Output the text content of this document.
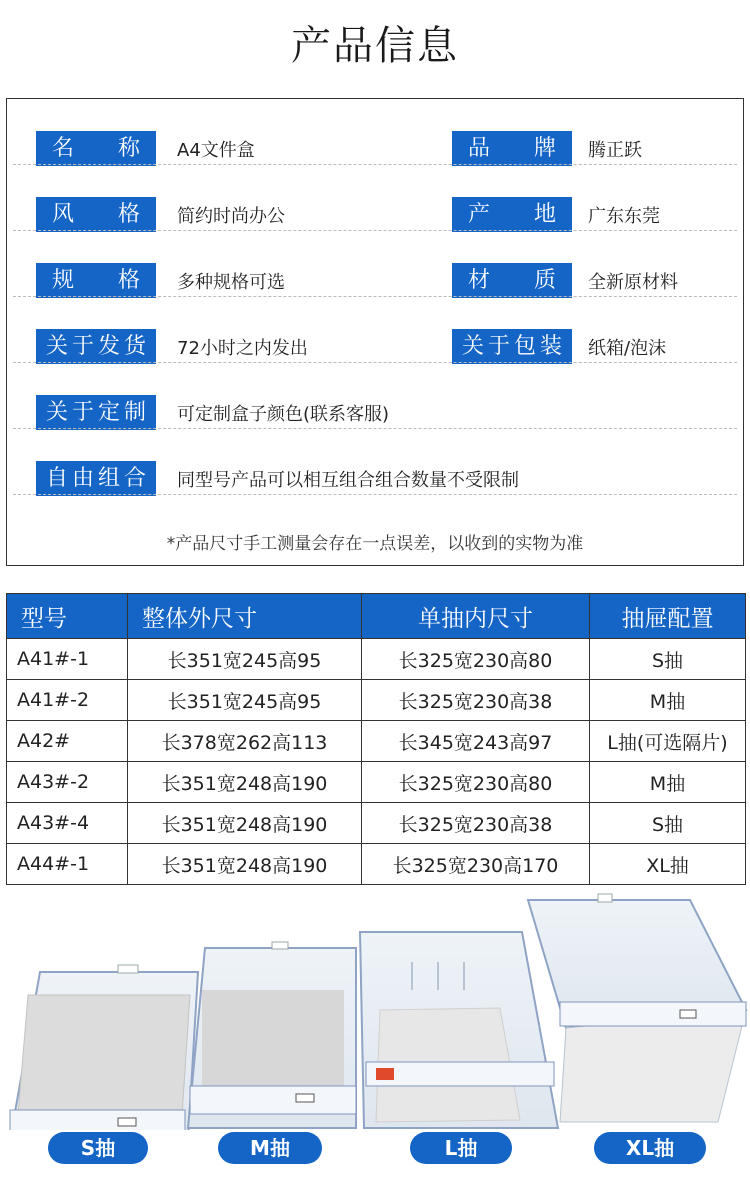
产品信息
名 称	A4文件盒	品 牌	腾正跃
风 格	简约时尚办公	产 地	广东东莞
规 格	多种规格可选	材 质	全新原材料
关于发货	72小时之内发出	关于包装	纸箱/泡沫
关于定制	可定制盒子颜色(联系客服)
自由组合	同型号产品可以相互组合组合数量不受限制
*产品尺寸手工测量会存在一点误差，以收到的实物为准
型号	整体外尺寸	单抽内尺寸	抽屉配置
A41#-1	长351宽245高95	长325宽230高80	S抽
A41#-2	长351宽245高95	长325宽230高38	M抽
A42#	长378宽262高113	长345宽243高97	L抽(可选隔片)
A43#-2	长351宽248高190	长325宽230高80	M抽
A43#-4	长351宽248高190	长325宽230高38	S抽
A44#-1	长351宽248高190	长325宽230高170	XL抽
S抽	M抽	L抽	XL抽
